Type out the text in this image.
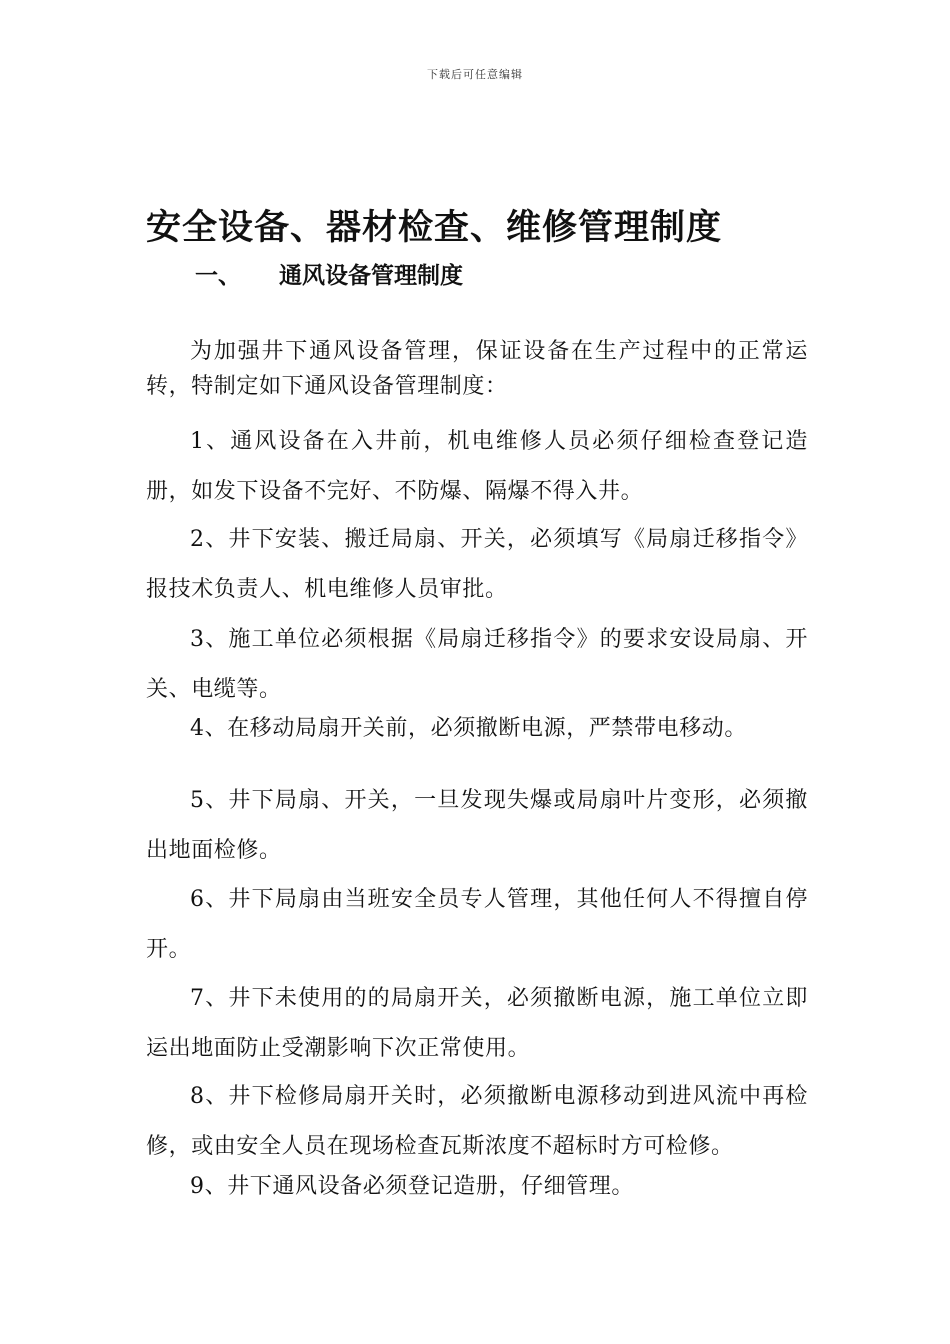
下载后可任意编辑
安全设备、器材检查、维修管理制度
一、 通风设备管理制度

为加强井下通风设备管理，保证设备在生产过程中的正常运转，特制定如下通风设备管理制度：

1、通风设备在入井前，机电维修人员必须仔细检查登记造册，如发下设备不完好、不防爆、隔爆不得入井。

2、井下安装、搬迁局扇、开关，必须填写《局扇迁移指令》报技术负责人、机电维修人员审批。

3、施工单位必须根据《局扇迁移指令》的要求安设局扇、开关、电缆等。

4、在移动局扇开关前，必须撤断电源，严禁带电移动。

5、井下局扇、开关，一旦发现失爆或局扇叶片变形，必须撤出地面检修。

6、井下局扇由当班安全员专人管理，其他任何人不得擅自停开。

7、井下未使用的的局扇开关，必须撤断电源，施工单位立即运出地面防止受潮影响下次正常使用。

8、井下检修局扇开关时，必须撤断电源移动到进风流中再检修，或由安全人员在现场检查瓦斯浓度不超标时方可检修。

9、井下通风设备必须登记造册，仔细管理。
